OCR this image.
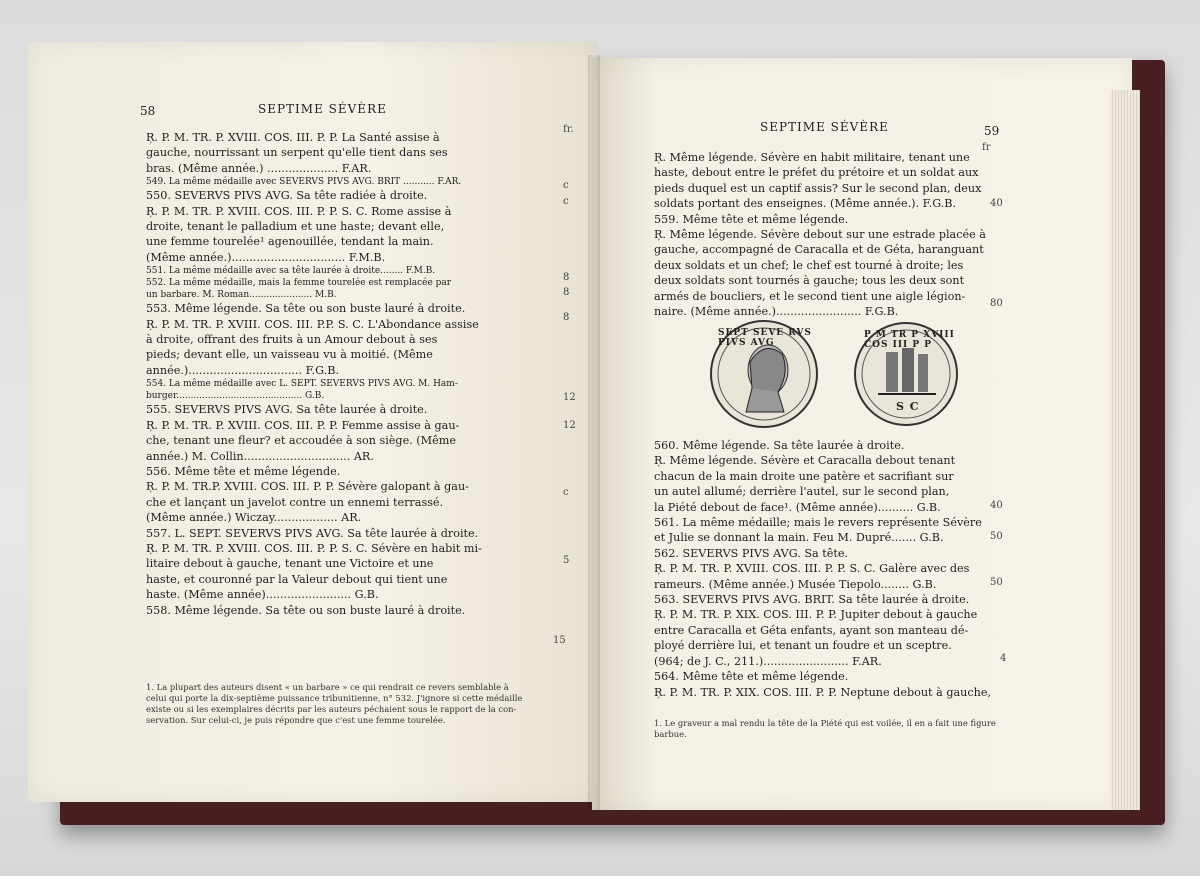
58	SEPTIME SÉVÈRE
Ŗ. P. M. TR. P. XVIII. COS. III. P. P. La Santé assise à
gauche, nourrissant un serpent qu'elle tient dans ses
bras. (Même année.) .................... F.AR.
549. La même médaille avec SEVERVS PIVS AVG. BRIT ........... F.AR.
550. SEVERVS PIVS AVG. Sa tête radiée à droite.
Ŗ. P. M. TR. P. XVIII. COS. III. P. P. S. C. Rome assise à
droite, tenant le palladium et une haste; devant elle,
une femme tourelée¹ agenouillée, tendant la main.
(Même année.)................................ F.M.B.
551. La même médaille avec sa tête laurée à droite........ F.M.B.
552. La même médaille, mais la femme tourelée est remplacée par
un barbare. M. Roman...................... M.B.
553. Même légende. Sa tête ou son buste lauré à droite.
Ŗ. P. M. TR. P. XVIII. COS. III. P.P. S. C. L'Abondance assise
à droite, offrant des fruits à un Amour debout à ses
pieds; devant elle, un vaisseau vu à moitié. (Même
année.)................................ F.G.B.
554. La même médaille avec L. SEPT. SEVERVS PIVS AVG. M. Ham-
burger............................................ G.B.
555. SEVERVS PIVS AVG. Sa tête laurée à droite.
Ŗ. P. M. TR. P. XVIII. COS. III. P. P. Femme assise à gau-
che, tenant une fleur? et accoudée à son siège. (Même
année.) M. Collin.............................. AR.
556. Même tête et même légende.
Ŗ. P. M. TR.P. XVIII. COS. III. P. P. Sévère galopant à gau-
che et lançant un javelot contre un ennemi terrassé.
(Même année.) Wiczay.................. AR.
557. L. SEPT. SEVERVS PIVS AVG. Sa tête laurée à droite.
Ŗ. P. M. TR. P. XVIII. COS. III. P. P. S. C. Sévère en habit mi-
litaire debout à gauche, tenant une Victoire et une
haste, et couronné par la Valeur debout qui tient une
haste. (Même année)........................ G.B.
558. Même légende. Sa tête ou son buste lauré à droite.
fr.
c
c
8
8
8
12
12
c
5
15
1. La plupart des auteurs disent « un barbare » ce qui rendrait ce revers semblable à
celui qui porte la dix-septième puissance tribunitienne, n° 532. J'ignore si cette médaille
existe ou si les exemplaires décrits par les auteurs péchaient sous le rapport de la con-
servation. Sur celui-ci, je puis répondre que c'est une femme tourelée.
SEPTIME SÉVÈRE	59
Ŗ. Même légende. Sévère en habit militaire, tenant une
haste, debout entre le préfet du prétoire et un soldat aux
pieds duquel est un captif assis? Sur le second plan, deux
soldats portant des enseignes. (Même année.). F.G.B.
559. Même tête et même légende.
Ŗ. Même légende. Sévère debout sur une estrade placée à
gauche, accompagné de Caracalla et de Géta, haranguant
deux soldats et un chef; le chef est tourné à droite; les
deux soldats sont tournés à gauche; tous les deux sont
armés de boucliers, et le second tient une aigle légion-
naire. (Même année.)........................ F.G.B.
SEPT SEVE RVS PIVS AVG
P M TR P XVIII COS III P P
S C
560. Même légende. Sa tête laurée à droite.
Ŗ. Même légende. Sévère et Caracalla debout tenant
chacun de la main droite une patère et sacrifiant sur
un autel allumé; derrière l'autel, sur le second plan,
la Piété debout de face¹. (Même année).......... G.B.
561. La même médaille; mais le revers représente Sévère
et Julie se donnant la main. Feu M. Dupré....... G.B.
562. SEVERVS PIVS AVG. Sa tête.
Ŗ. P. M. TR. P. XVIII. COS. III. P. P. S. C. Galère avec des
rameurs. (Même année.) Musée Tiepolo........ G.B.
563. SEVERVS PIVS AVG. BRIT. Sa tête laurée à droite.
Ŗ. P. M. TR. P. XIX. COS. III. P. P. Jupiter debout à gauche
entre Caracalla et Géta enfants, ayant son manteau dé-
ployé derrière lui, et tenant un foudre et un sceptre.
(964; de J. C., 211.)........................ F.AR.
564. Même tête et même légende.
Ŗ. P. M. TR. P. XIX. COS. III. P. P. Neptune debout à gauche,
fr
40
80
40
50
50
4
1. Le graveur a mal rendu la tête de la Piété qui est voilée, il en a fait une figure
barbue.
